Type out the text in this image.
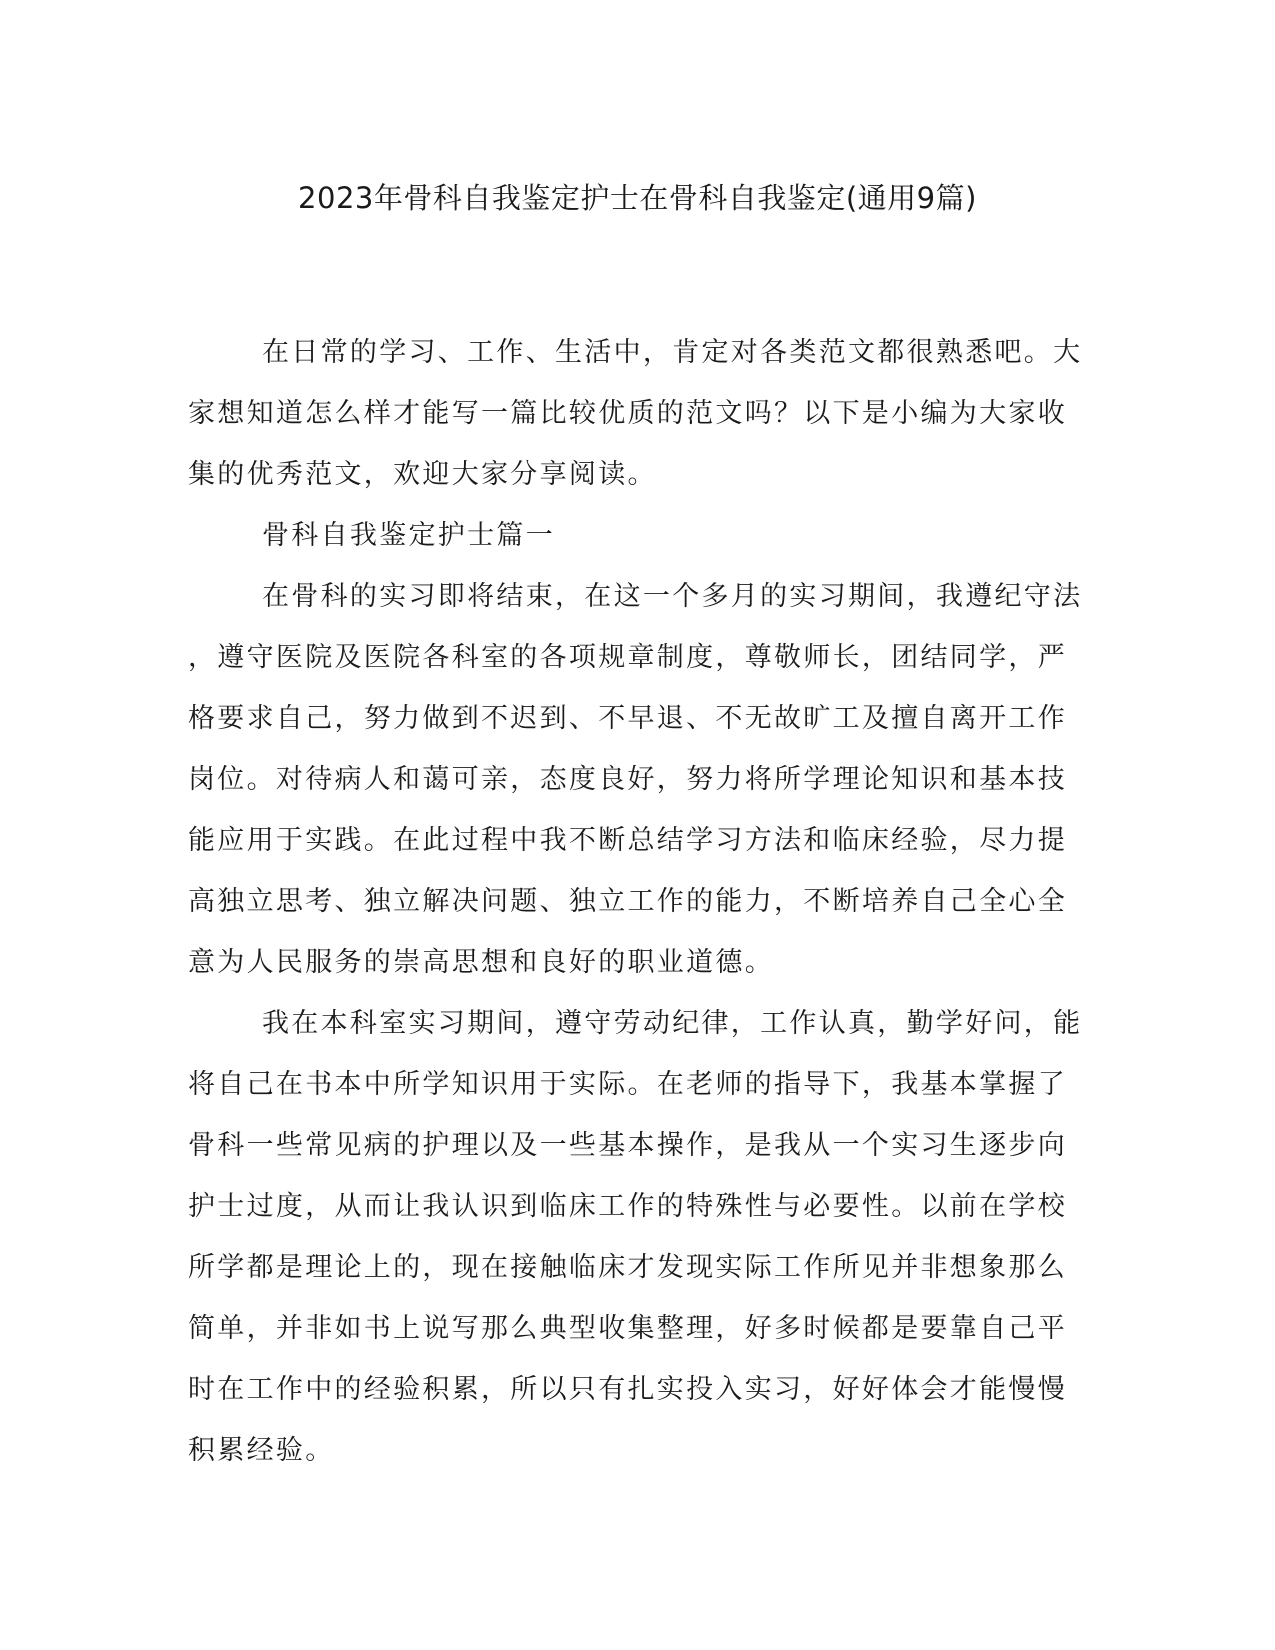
2023年骨科自我鉴定护士在骨科自我鉴定(通用9篇)
在日常的学习、工作、生活中，肯定对各类范文都很熟悉吧。大
家想知道怎么样才能写一篇比较优质的范文吗？以下是小编为大家收
集的优秀范文，欢迎大家分享阅读。
骨科自我鉴定护士篇一
在骨科的实习即将结束，在这一个多月的实习期间，我遵纪守法
，遵守医院及医院各科室的各项规章制度，尊敬师长，团结同学，严
格要求自己，努力做到不迟到、不早退、不无故旷工及擅自离开工作
岗位。对待病人和蔼可亲，态度良好，努力将所学理论知识和基本技
能应用于实践。在此过程中我不断总结学习方法和临床经验，尽力提
高独立思考、独立解决问题、独立工作的能力，不断培养自己全心全
意为人民服务的崇高思想和良好的职业道德。
我在本科室实习期间，遵守劳动纪律，工作认真，勤学好问，能
将自己在书本中所学知识用于实际。在老师的指导下，我基本掌握了
骨科一些常见病的护理以及一些基本操作，是我从一个实习生逐步向
护士过度，从而让我认识到临床工作的特殊性与必要性。以前在学校
所学都是理论上的，现在接触临床才发现实际工作所见并非想象那么
简单，并非如书上说写那么典型收集整理，好多时候都是要靠自己平
时在工作中的经验积累，所以只有扎实投入实习，好好体会才能慢慢
积累经验。
